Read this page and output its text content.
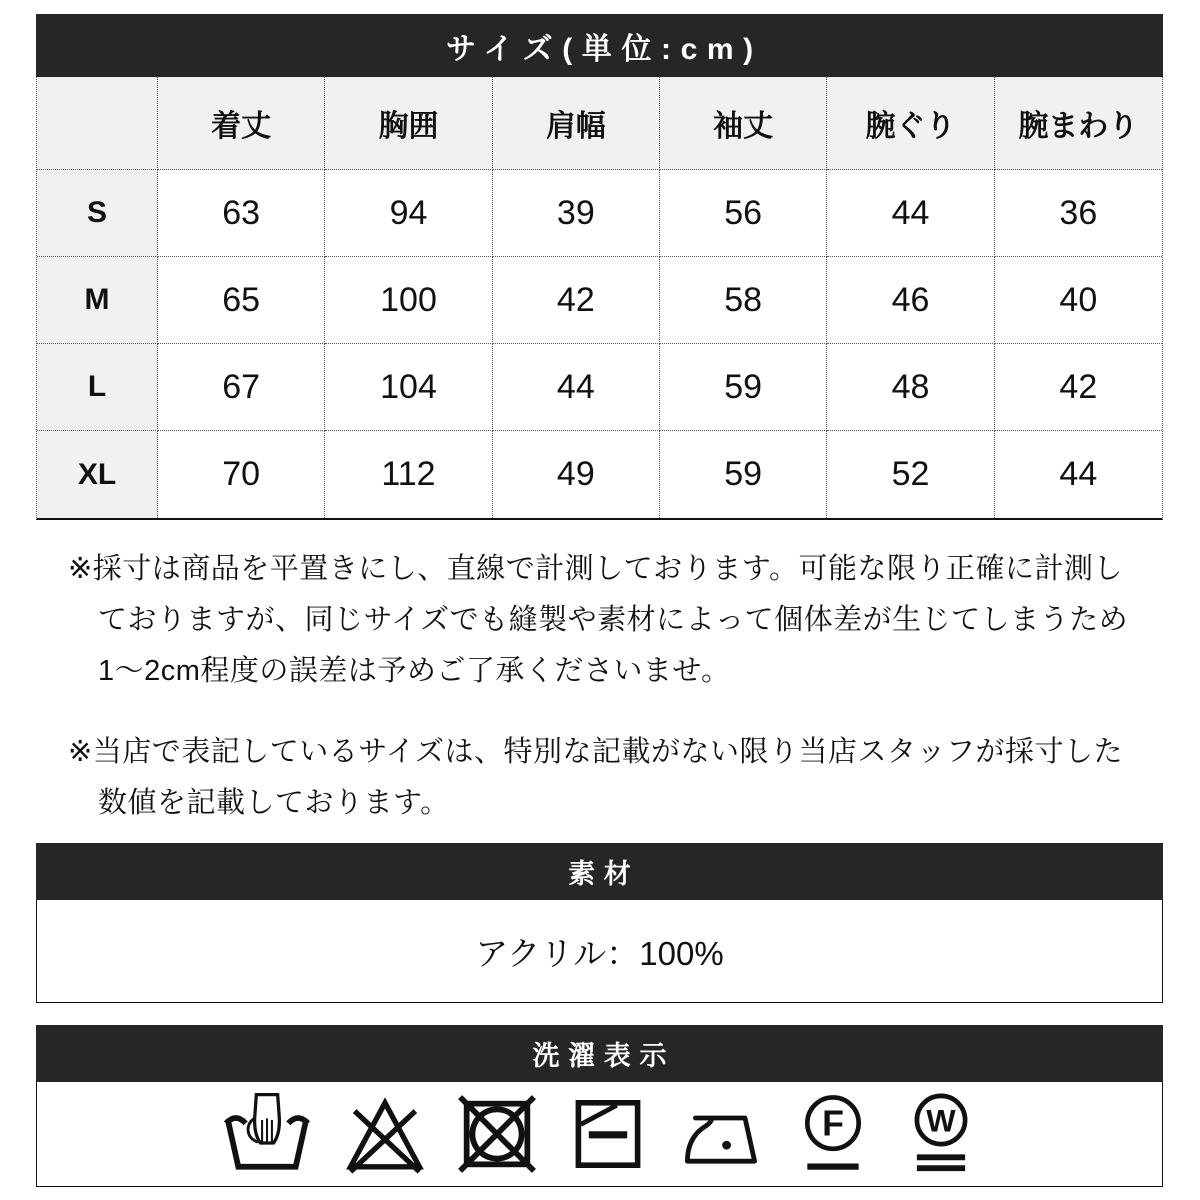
サイズ(単位:cm)
着丈	胸囲	肩幅	袖丈	腕ぐり	腕まわり
S	63	94	39	56	44	36
M	65	100	42	58	46	40
L	67	104	44	59	48	42
XL	70	112	49	59	52	44
※採寸は商品を平置きにし、直線で計測しております。可能な限り正確に計測し
ておりますが、同じサイズでも縫製や素材によって個体差が生じてしまうため
1〜2cm程度の誤差は予めご了承くださいませ。
※当店で表記しているサイズは、特別な記載がない限り当店スタッフが採寸した
数値を記載しております。
素材
アクリル：100%
洗濯表示
F W
